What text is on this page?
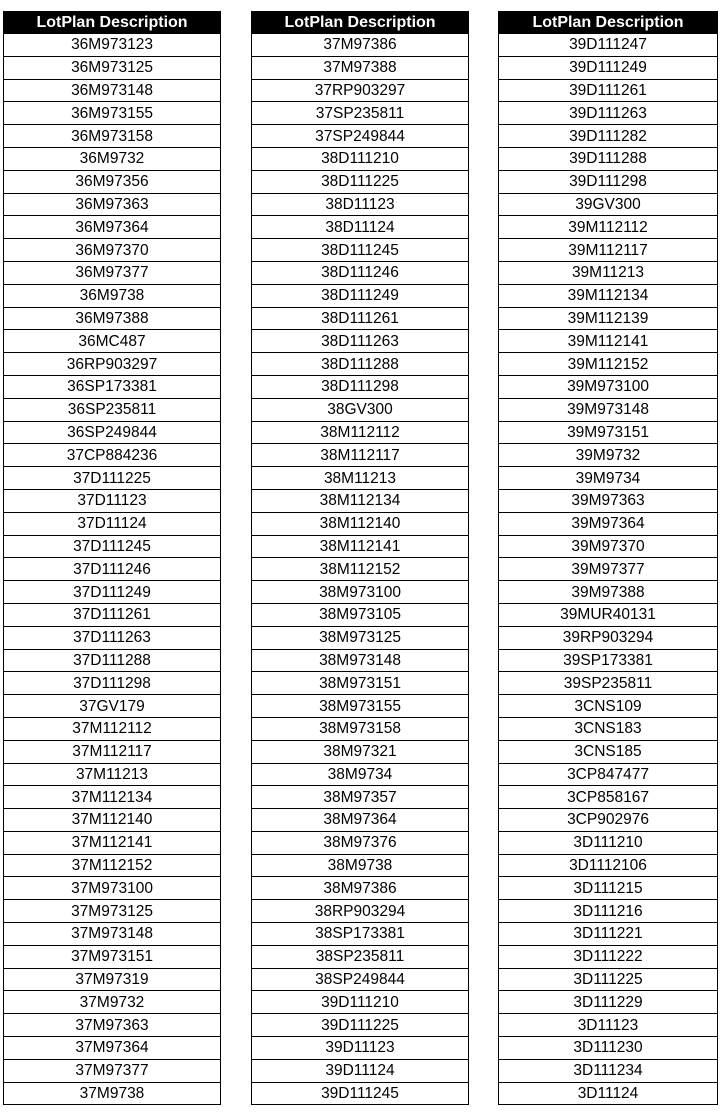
LotPlan Description
36M973123
36M973125
36M973148
36M973155
36M973158
36M9732
36M97356
36M97363
36M97364
36M97370
36M97377
36M9738
36M97388
36MC487
36RP903297
36SP173381
36SP235811
36SP249844
37CP884236
37D111225
37D11123
37D11124
37D111245
37D111246
37D111249
37D111261
37D111263
37D111288
37D111298
37GV179
37M112112
37M112117
37M11213
37M112134
37M112140
37M112141
37M112152
37M973100
37M973125
37M973148
37M973151
37M97319
37M9732
37M97363
37M97364
37M97377
37M9738
LotPlan Description
37M97386
37M97388
37RP903297
37SP235811
37SP249844
38D111210
38D111225
38D11123
38D11124
38D111245
38D111246
38D111249
38D111261
38D111263
38D111288
38D111298
38GV300
38M112112
38M112117
38M11213
38M112134
38M112140
38M112141
38M112152
38M973100
38M973105
38M973125
38M973148
38M973151
38M973155
38M973158
38M97321
38M9734
38M97357
38M97364
38M97376
38M9738
38M97386
38RP903294
38SP173381
38SP235811
38SP249844
39D111210
39D111225
39D11123
39D11124
39D111245
LotPlan Description
39D111247
39D111249
39D111261
39D111263
39D111282
39D111288
39D111298
39GV300
39M112112
39M112117
39M11213
39M112134
39M112139
39M112141
39M112152
39M973100
39M973148
39M973151
39M9732
39M9734
39M97363
39M97364
39M97370
39M97377
39M97388
39MUR40131
39RP903294
39SP173381
39SP235811
3CNS109
3CNS183
3CNS185
3CP847477
3CP858167
3CP902976
3D111210
3D1112106
3D111215
3D111216
3D111221
3D111222
3D111225
3D111229
3D11123
3D111230
3D111234
3D11124
